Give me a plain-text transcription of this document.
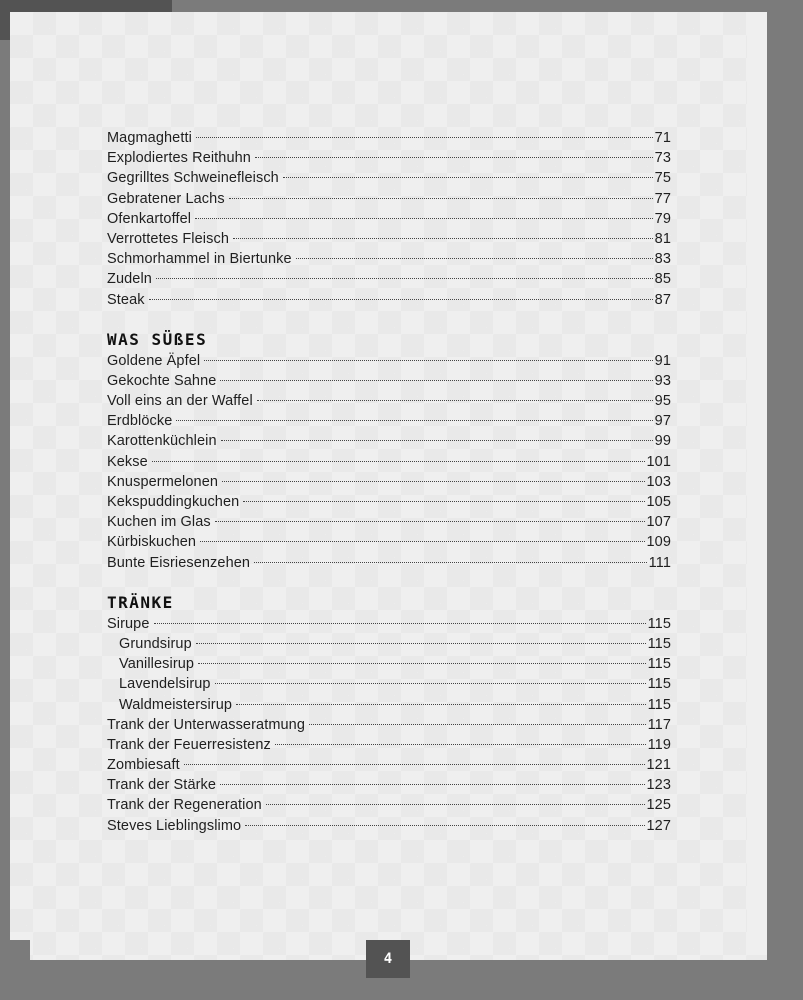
Magmaghetti	71
Explodiertes Reithuhn	73
Gegrilltes Schweinefleisch	75
Gebratener Lachs	77
Ofenkartoffel	79
Verrottetes Fleisch	81
Schmorhammel in Biertunke	83
Zudeln	85
Steak	87
WAS SÜßES
Goldene Äpfel	91
Gekochte Sahne	93
Voll eins an der Waffel	95
Erdblöcke	97
Karottenküchlein	99
Kekse	101
Knuspermelonen	103
Kekspuddingkuchen	105
Kuchen im Glas	107
Kürbiskuchen	109
Bunte Eisriesenzehen	111
TRÄNKE
Sirupe	115
Grundsirup	115
Vanillesirup	115
Lavendelsirup	115
Waldmeistersirup	115
Trank der Unterwasseratmung	117
Trank der Feuerresistenz	119
Zombiesaft	121
Trank der Stärke	123
Trank der Regeneration	125
Steves Lieblingslimo	127
4
